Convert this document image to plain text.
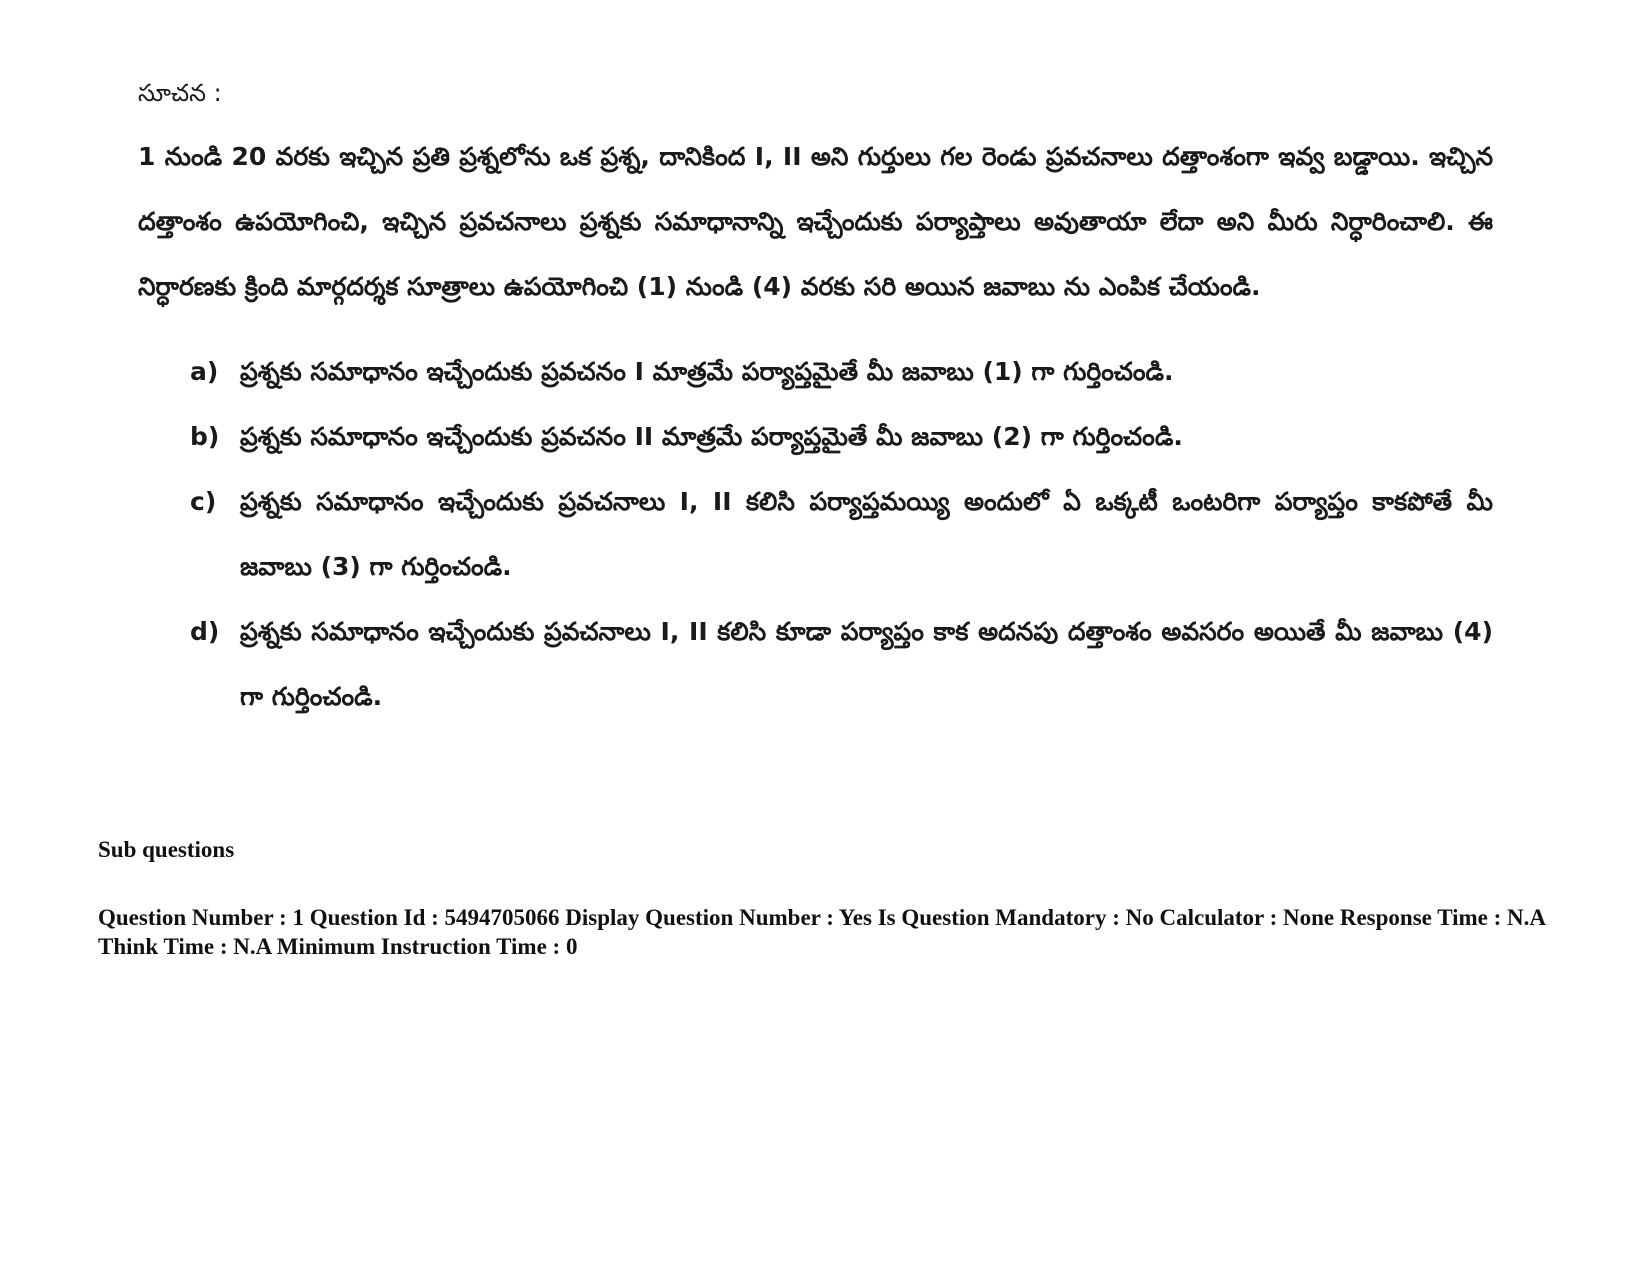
సూచన :

1 నుండి 20 వరకు ఇచ్చిన ప్రతి ప్రశ్నలోను ఒక ప్రశ్న, దానికింద I, II అని గుర్తులు గల రెండు ప్రవచనాలు దత్తాంశంగా ఇవ్వ బడ్డాయి. ఇచ్చిన దత్తాంశం ఉపయోగించి, ఇచ్చిన ప్రవచనాలు ప్రశ్నకు సమాధానాన్ని ఇచ్చేందుకు పర్యాప్తాలు అవుతాయా లేదా అని మీరు నిర్ధారించాలి. ఈ నిర్ధారణకు క్రింది మార్గదర్శక సూత్రాలు ఉపయోగించి (1) నుండి (4) వరకు సరి అయిన జవాబు ను ఎంపిక చేయండి.

a) ప్రశ్నకు సమాధానం ఇచ్చేందుకు ప్రవచనం I మాత్రమే పర్యాప్తమైతే మీ జవాబు (1) గా గుర్తించండి.
b) ప్రశ్నకు సమాధానం ఇచ్చేందుకు ప్రవచనం II మాత్రమే పర్యాప్తమైతే మీ జవాబు (2) గా గుర్తించండి.
c) ప్రశ్నకు సమాధానం ఇచ్చేందుకు ప్రవచనాలు I, II కలిసి పర్యాప్తమయ్యి అందులో ఏ ఒక్కటీ ఒంటరిగా పర్యాప్తం కాకపోతే మీ జవాబు (3) గా గుర్తించండి.
d) ప్రశ్నకు సమాధానం ఇచ్చేందుకు ప్రవచనాలు I, II కలిసి కూడా పర్యాప్తం కాక అదనపు దత్తాంశం అవసరం అయితే మీ జవాబు (4) గా గుర్తించండి.

Sub questions

Question Number : 1 Question Id : 5494705066 Display Question Number : Yes Is Question Mandatory : No Calculator : None Response Time : N.A Think Time : N.A Minimum Instruction Time : 0
